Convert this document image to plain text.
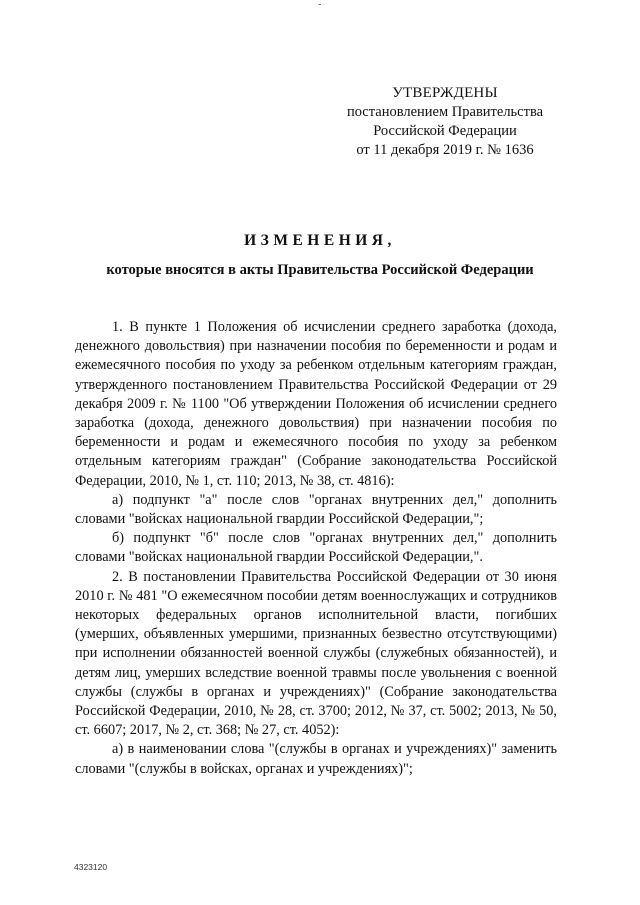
-
УТВЕРЖДЕНЫ
постановлением Правительства
Российской Федерации
от 11 декабря 2019 г. № 1636
ИЗМЕНЕНИЯ,
которые вносятся в акты Правительства Российской Федерации

1. В пункте 1 Положения об исчислении среднего заработка (дохода, денежного довольствия) при назначении пособия по беременности и родам и ежемесячного пособия по уходу за ребенком отдельным категориям граждан, утвержденного постановлением Правительства Российской Федерации от 29 декабря 2009 г. № 1100 "Об утверждении Положения об исчислении среднего заработка (дохода, денежного довольствия) при назначении пособия по беременности и родам и ежемесячного пособия по уходу за ребенком отдельным категориям граждан" (Собрание законодательства Российской Федерации, 2010, № 1, ст. 110; 2013, № 38, ст. 4816):

а) подпункт "а" после слов "органах внутренних дел," дополнить словами "войсках национальной гвардии Российской Федерации,";

б) подпункт "б" после слов "органах внутренних дел," дополнить словами "войсках национальной гвардии Российской Федерации,".

2. В постановлении Правительства Российской Федерации от 30 июня 2010 г. № 481 "О ежемесячном пособии детям военнослужащих и сотрудников некоторых федеральных органов исполнительной власти, погибших (умерших, объявленных умершими, признанных безвестно отсутствующими) при исполнении обязанностей военной службы (служебных обязанностей), и детям лиц, умерших вследствие военной травмы после увольнения с военной службы (службы в органах и учреждениях)" (Собрание законодательства Российской Федерации, 2010, № 28, ст. 3700; 2012, № 37, ст. 5002; 2013, № 50, ст. 6607; 2017, № 2, ст. 368; № 27, ст. 4052):

а) в наименовании слова "(службы в органах и учреждениях)" заменить словами "(службы в войсках, органах и учреждениях)";

4323120
